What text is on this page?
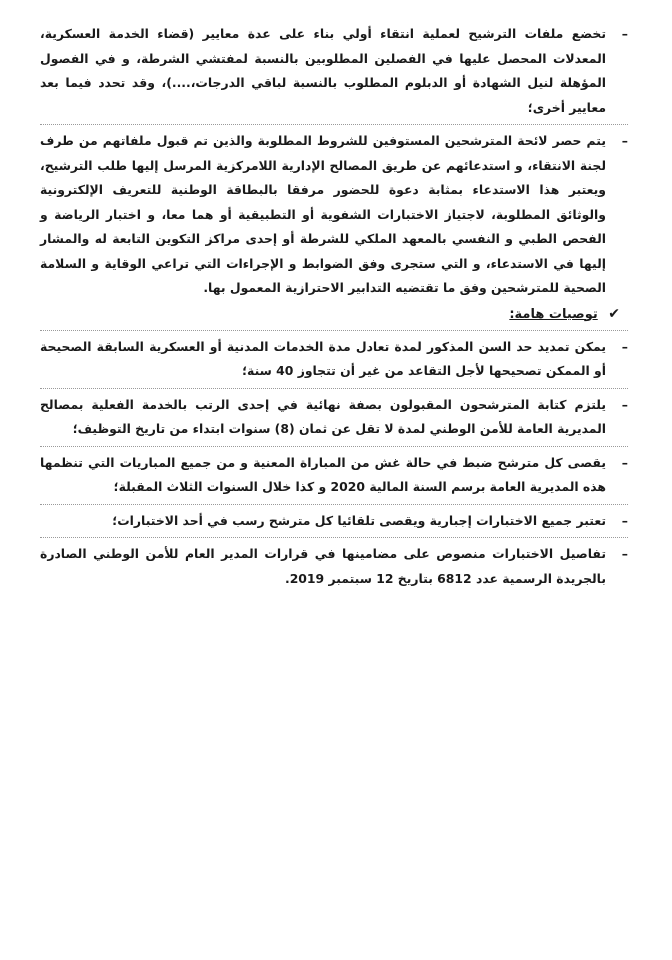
–
تخضع ملفات الترشيح لعملية انتقاء أولي بناء على عدة معايير (قضاء الخدمة العسكرية، المعدلات المحصل عليها في الفصلين المطلوبين بالنسبة لمفتشي الشرطة، و في الفصول المؤهلة لنيل الشهادة أو الدبلوم المطلوب بالنسبة لباقي الدرجات،....)، وقد تحدد فيما بعد معايير أخرى؛

–
يتم حصر لائحة المترشحين المستوفين للشروط المطلوبة والذين تم قبول ملفاتهم من طرف لجنة الانتقاء، و استدعائهم عن طريق المصالح الإدارية اللامركزية المرسل إليها طلب الترشيح، ويعتبر هذا الاستدعاء بمثابة دعوة للحضور مرفقا بالبطاقة الوطنية للتعريف الإلكترونية والوثائق المطلوبة، لاجتياز الاختبارات الشفوية أو التطبيقية أو هما معا، و اختبار الرياضة و الفحص الطبي و النفسي بالمعهد الملكي للشرطة أو إحدى مراكز التكوين التابعة له والمشار إليها في الاستدعاء، و التي ستجرى وفق الضوابط و الإجراءات التي تراعي الوقاية و السلامة الصحية للمترشحين وفق ما تقتضيه التدابير الاحترازية المعمول بها.

✔ توصيات هامة:

–
يمكن تمديد حد السن المذكور لمدة تعادل مدة الخدمات المدنية أو العسكرية السابقة الصحيحة أو الممكن تصحيحها لأجل التقاعد من غير أن تتجاوز 40 سنة؛

–
يلتزم كتابة المترشحون المقبولون بصفة نهائية في إحدى الرتب بالخدمة الفعلية بمصالح المديرية العامة للأمن الوطني لمدة لا تقل عن ثمان (8) سنوات ابتداء من تاريخ التوظيف؛

–
يقصى كل مترشح ضبط في حالة غش من المباراة المعنية و من جميع المباريات التي تنظمها هذه المديرية العامة برسم السنة المالية 2020 و كذا خلال السنوات الثلاث المقبلة؛

–
تعتبر جميع الاختبارات إجبارية ويقصى تلقائيا كل مترشح رسب في أحد الاختبارات؛

–
تفاصيل الاختبارات منصوص على مضامينها في قرارات المدير العام للأمن الوطني الصادرة بالجريدة الرسمية عدد 6812 بتاريخ 12 سبتمبر 2019.
